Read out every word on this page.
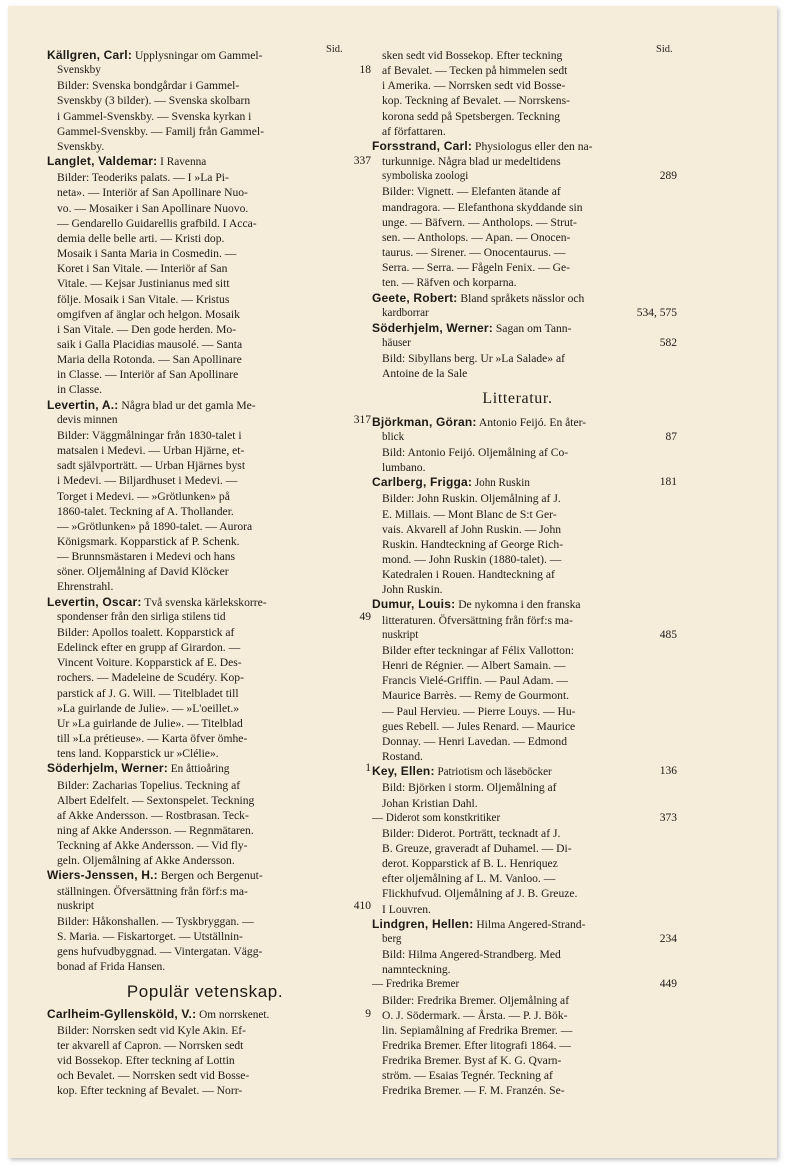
Sid.	Sid.
Källgren, Carl: Upplysningar om Gammel-
Svenskby	18
Bilder: Svenska bondgårdar i Gammel-
Svenskby (3 bilder). — Svenska skolbarn
i Gammel-Svenskby. — Svenska kyrkan i
Gammel-Svenskby. — Familj från Gammel-
Svenskby.
Langlet, Valdemar: I Ravenna	337
Bilder: Teoderiks palats. — I »La Pi-
neta». — Interiör af San Apollinare Nuo-
vo. — Mosaiker i San Apollinare Nuovo.
— Gendarello Guidarellis grafbild. I Acca-
demia delle belle arti. — Kristi dop.
Mosaik i Santa Maria in Cosmedin. —
Koret i San Vitale. — Interiör af San
Vitale. — Kejsar Justinianus med sitt
följe. Mosaik i San Vitale. — Kristus
omgifven af änglar och helgon. Mosaik
i San Vitale. — Den gode herden. Mo-
saik i Galla Placidias mausolé. — Santa
Maria della Rotonda. — San Apollinare
in Classe. — Interiör af San Apollinare
in Classe.
Levertin, A.: Några blad ur det gamla Me-
devis minnen	317
Bilder: Väggmålningar från 1830-talet i
matsalen i Medevi. — Urban Hjärne, et-
sadt självporträtt. — Urban Hjärnes byst
i Medevi. — Biljardhuset i Medevi. —
Torget i Medevi. — »Grötlunken» på
1860-talet. Teckning af A. Thollander.
— »Grötlunken» på 1890-talet. — Aurora
Königsmark. Kopparstick af P. Schenk.
— Brunnsmästaren i Medevi och hans
söner. Oljemålning af David Klöcker
Ehrenstrahl.
Levertin, Oscar: Två svenska kärlekskorre-
spondenser från den sirliga stilens tid	49
Bilder: Apollos toalett. Kopparstick af
Edelinck efter en grupp af Girardon. —
Vincent Voiture. Kopparstick af E. Des-
rochers. — Madeleine de Scudéry. Kop-
parstick af J. G. Will. — Titelbladet till
»La guirlande de Julie». — »L'oeillet.»
Ur »La guirlande de Julie». — Titelblad
till »La prétieuse». — Karta öfver ömhe-
tens land. Kopparstick ur »Clélie».
Söderhjelm, Werner: En åttioåring	1
Bilder: Zacharias Topelius. Teckning af
Albert Edelfelt. — Sextonspelet. Teckning
af Akke Andersson. — Rostbrasan. Teck-
ning af Akke Andersson. — Regnmätaren.
Teckning af Akke Andersson. — Vid fly-
geln. Oljemålning af Akke Andersson.
Wiers-Jenssen, H.: Bergen och Bergenut-
ställningen. Öfversättning från förf:s ma-
nuskript	410
Bilder: Håkonshallen. — Tyskbryggan. —
S. Maria. — Fiskartorget. — Utställnin-
gens hufvudbyggnad. — Vintergatan. Vägg-
bonad af Frida Hansen.
Populär vetenskap.
Carlheim-Gyllensköld, V.: Om norrskenet.	9
Bilder: Norrsken sedt vid Kyle Akin. Ef-
ter akvarell af Capron. — Norrsken sedt
vid Bossekop. Efter teckning af Lottin
och Bevalet. — Norrsken sedt vid Bosse-
kop. Efter teckning af Bevalet. — Norr-
sken sedt vid Bossekop. Efter teckning
af Bevalet. — Tecken på himmelen sedt
i Amerika. — Norrsken sedt vid Bosse-
kop. Teckning af Bevalet. — Norrskens-
korona sedd på Spetsbergen. Teckning
af författaren.
Forsstrand, Carl: Physiologus eller den na-
turkunnige. Några blad ur medeltidens
symboliska zoologi	289
Bilder: Vignett. — Elefanten ätande af
mandragora. — Elefanthona skyddande sin
unge. — Bäfvern. — Antholops. — Strut-
sen. — Antholops. — Apan. — Onocen-
taurus. — Sirener. — Onocentaurus. —
Serra. — Serra. — Fågeln Fenix. — Ge-
ten. — Räfven och korparna.
Geete, Robert: Bland språkets nässlor och
kardborrar	534, 575
Söderhjelm, Werner: Sagan om Tann-
häuser	582
Bild: Sibyllans berg. Ur »La Salade» af
Antoine de la Sale
Litteratur.
Björkman, Göran: Antonio Feijó. En åter-
blick	87
Bild: Antonio Feijó. Oljemålning af Co-
lumbano.
Carlberg, Frigga: John Ruskin	181
Bilder: John Ruskin. Oljemålning af J.
E. Millais. — Mont Blanc de S:t Ger-
vais. Akvarell af John Ruskin. — John
Ruskin. Handteckning af George Rich-
mond. — John Ruskin (1880-talet). —
Katedralen i Rouen. Handteckning af
John Ruskin.
Dumur, Louis: De nykomna i den franska
litteraturen. Öfversättning från förf:s ma-
nuskript	485
Bilder efter teckningar af Félix Vallotton:
Henri de Régnier. — Albert Samain. —
Francis Vielé-Griffin. — Paul Adam. —
Maurice Barrès. — Remy de Gourmont.
— Paul Hervieu. — Pierre Louys. — Hu-
gues Rebell. — Jules Renard. — Maurice
Donnay. — Henri Lavedan. — Edmond
Rostand.
Key, Ellen: Patriotism och läseböcker	136
Bild: Björken i storm. Oljemålning af
Johan Kristian Dahl.
— Diderot som konstkritiker	373
Bilder: Diderot. Porträtt, tecknadt af J.
B. Greuze, graveradt af Duhamel. — Di-
derot. Kopparstick af B. L. Henriquez
efter oljemålning af L. M. Vanloo. —
Flickhufvud. Oljemålning af J. B. Greuze.
I Louvren.
Lindgren, Hellen: Hilma Angered-Strand-
berg	234
Bild: Hilma Angered-Strandberg. Med
namnteckning.
— Fredrika Bremer	449
Bilder: Fredrika Bremer. Oljemålning af
O. J. Södermark. — Årsta. — P. J. Bök-
lin. Sepiamålning af Fredrika Bremer. —
Fredrika Bremer. Efter litografi 1864. —
Fredrika Bremer. Byst af K. G. Qvarn-
ström. — Esaias Tegnér. Teckning af
Fredrika Bremer. — F. M. Franzén. Se-
